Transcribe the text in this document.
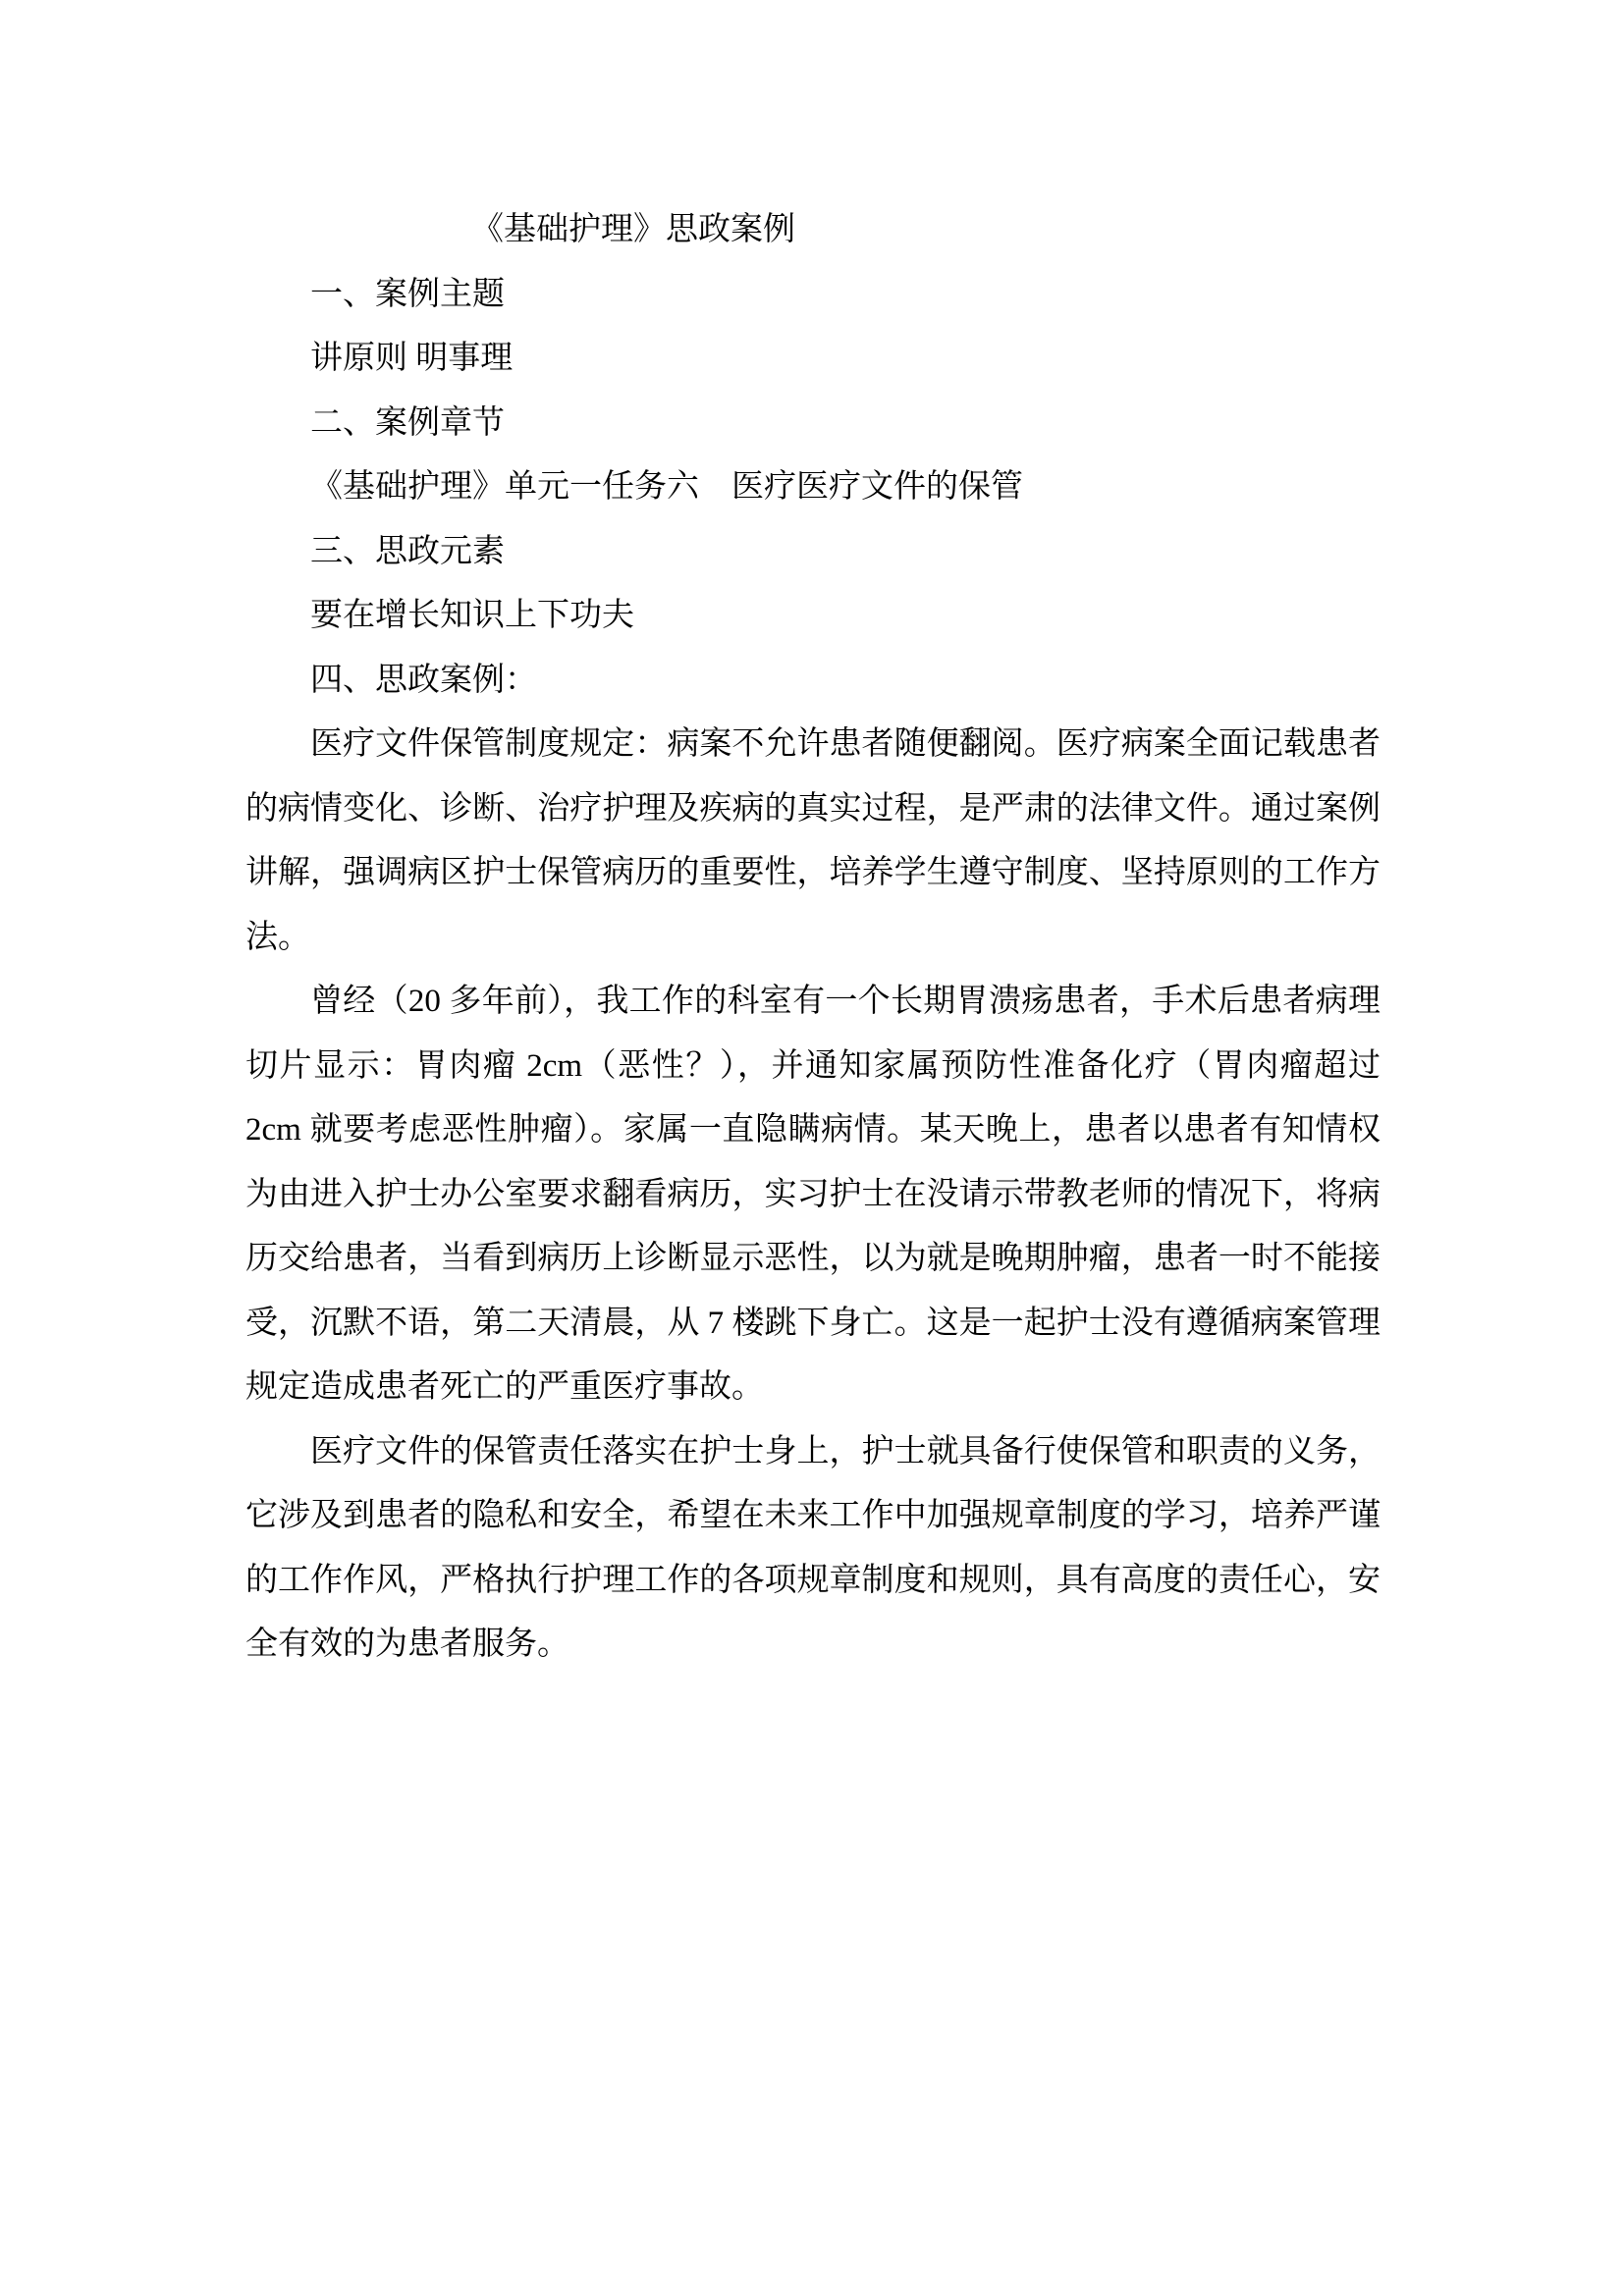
《基础护理》思政案例

一、案例主题

讲原则 明事理

二、案例章节

《基础护理》单元一任务六　医疗医疗文件的保管

三、思政元素

要在增长知识上下功夫

四、思政案例：

医疗文件保管制度规定：病案不允许患者随便翻阅。医疗病案全面记载患者的病情变化、诊断、治疗护理及疾病的真实过程，是严肃的法律文件。通过案例讲解，强调病区护士保管病历的重要性，培养学生遵守制度、坚持原则的工作方法。

曾经（20 多年前），我工作的科室有一个长期胃溃疡患者，手术后患者病理切片显示：胃肉瘤 2cm（恶性？），并通知家属预防性准备化疗（胃肉瘤超过 2cm 就要考虑恶性肿瘤）。家属一直隐瞒病情。某天晚上，患者以患者有知情权为由进入护士办公室要求翻看病历，实习护士在没请示带教老师的情况下，将病历交给患者，当看到病历上诊断显示恶性，以为就是晚期肿瘤，患者一时不能接受，沉默不语，第二天清晨，从 7 楼跳下身亡。这是一起护士没有遵循病案管理规定造成患者死亡的严重医疗事故。

医疗文件的保管责任落实在护士身上，护士就具备行使保管和职责的义务，它涉及到患者的隐私和安全，希望在未来工作中加强规章制度的学习，培养严谨的工作作风，严格执行护理工作的各项规章制度和规则，具有高度的责任心，安全有效的为患者服务。
